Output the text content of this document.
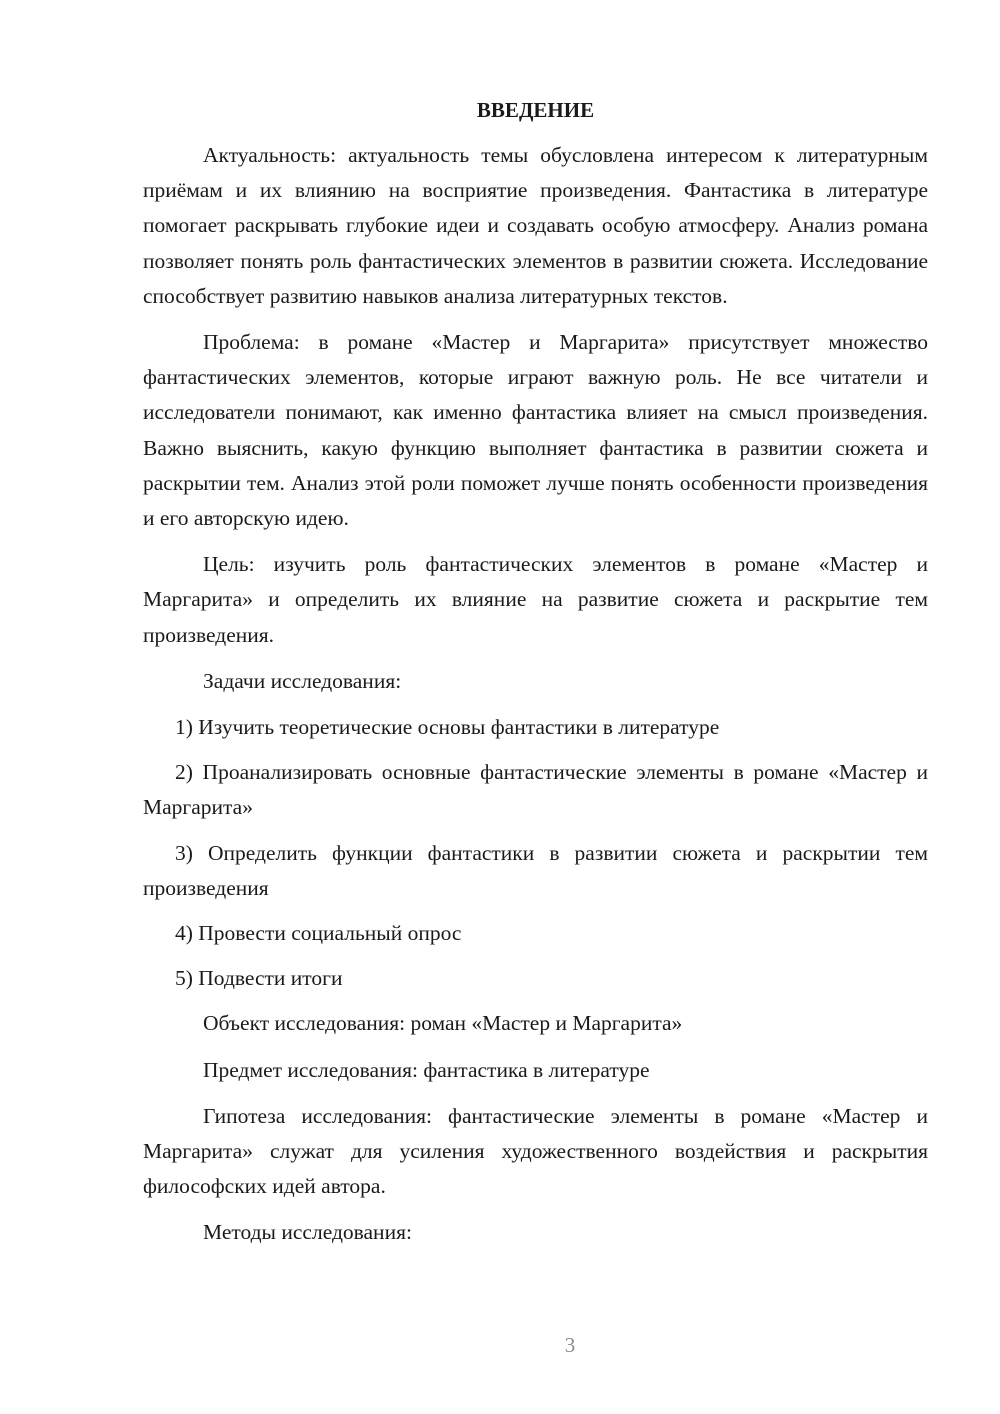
ВВЕДЕНИЕ

Актуальность: актуальность темы обусловлена интересом к литературным приёмам и их влиянию на восприятие произведения. Фантастика в литературе помогает раскрывать глубокие идеи и создавать особую атмосферу. Анализ романа позволяет понять роль фантастических элементов в развитии сюжета. Исследование способствует развитию навыков анализа литературных текстов.

Проблема: в романе «Мастер и Маргарита» присутствует множество фантастических элементов, которые играют важную роль. Не все читатели и исследователи понимают, как именно фантастика влияет на смысл произведения. Важно выяснить, какую функцию выполняет фантастика в развитии сюжета и раскрытии тем. Анализ этой роли поможет лучше понять особенности произведения и его авторскую идею.

Цель: изучить роль фантастических элементов в романе «Мастер и Маргарита» и определить их влияние на развитие сюжета и раскрытие тем произведения.

Задачи исследования:

1) Изучить теоретические основы фантастики в литературе

2) Проанализировать основные фантастические элементы в романе «Мастер и Маргарита»

3) Определить функции фантастики в развитии сюжета и раскрытии тем произведения

4) Провести социальный опрос

5) Подвести итоги

Объект исследования: роман «Мастер и Маргарита»

Предмет исследования: фантастика в литературе

Гипотеза исследования: фантастические элементы в романе «Мастер и Маргарита» служат для усиления художественного воздействия и раскрытия философских идей автора.

Методы исследования:

3
